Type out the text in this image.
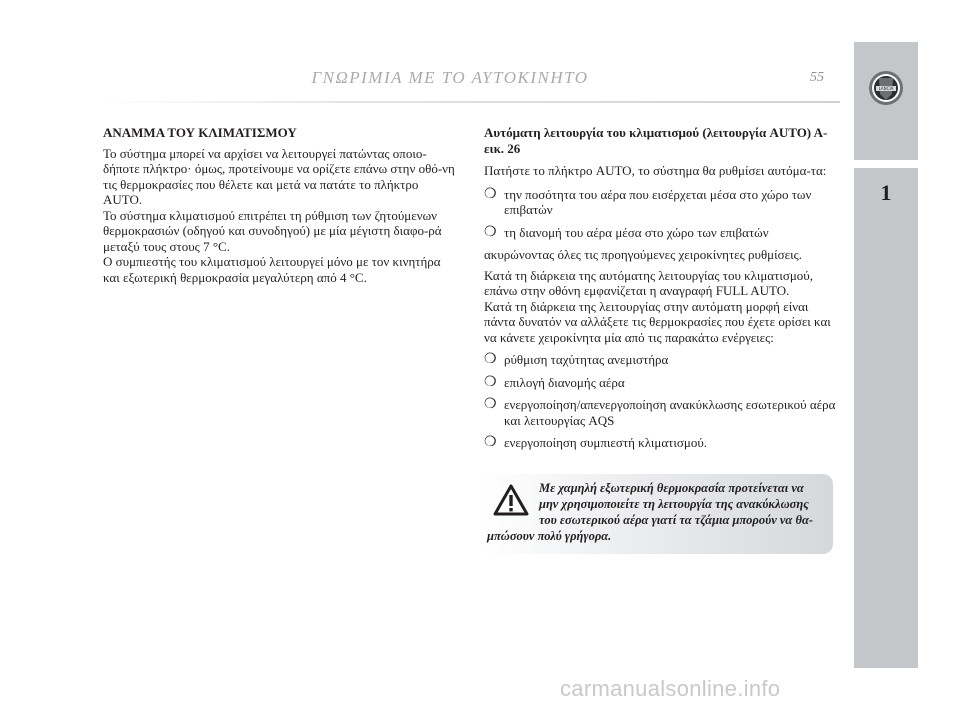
ΓΝΩΡΙΜΙΑ ΜΕ ΤΟ ΑΥΤΟΚΙΝΗΤΟ	55
LANCIA
1
ΑΝΑΜΜΑ ΤΟΥ ΚΛΙΜΑΤΙΣΜΟΥ

Το σύστημα μπορεί να αρχίσει να λειτουργεί πατώντας οποιο-δήποτε πλήκτρο· όμως, προτείνουμε να ορίζετε επάνω στην οθό-νη τις θερμοκρασίες που θέλετε και μετά να πατάτε το πλήκτρο AUTO.

Το σύστημα κλιματισμού επιτρέπει τη ρύθμιση των ζητούμενων θερμοκρασιών (οδηγού και συνοδηγού) με μία μέγιστη διαφο-ρά μεταξύ τους στους 7 °C.

Ο συμπιεστής του κλιματισμού λειτουργεί μόνο με τον κινητήρα και εξωτερική θερμοκρασία μεγαλύτερη από 4 °C.

Αυτόματη λειτουργία του κλιματισμού (λειτουργία AUTO) Α-εικ. 26

Πατήστε το πλήκτρο AUTO, το σύστημα θα ρυθμίσει αυτόμα-τα:

❍ την ποσότητα του αέρα που εισέρχεται μέσα στο χώρο των επιβατών
❍ τη διανομή του αέρα μέσα στο χώρο των επιβατών

ακυρώνοντας όλες τις προηγούμενες χειροκίνητες ρυθμίσεις.

Κατά τη διάρκεια της αυτόματης λειτουργίας του κλιματισμού, επάνω στην οθόνη εμφανίζεται η αναγραφή FULL AUTO.

Κατά τη διάρκεια της λειτουργίας στην αυτόματη μορφή είναι πάντα δυνατόν να αλλάξετε τις θερμοκρασίες που έχετε ορίσει και να κάνετε χειροκίνητα μία από τις παρακάτω ενέργειες:

❍ ρύθμιση ταχύτητας ανεμιστήρα
❍ επιλογή διανομής αέρα
❍ ενεργοποίηση/απενεργοποίηση ανακύκλωσης εσωτερικού αέρα και λειτουργίας AQS
❍ ενεργοποίηση συμπιεστή κλιματισμού.
Με χαμηλή εξωτερική θερμοκρασία προτείνεται να
μην χρησιμοποιείτε τη λειτουργία της ανακύκλωσης
του εσωτερικού αέρα γιατί τα τζάμια μπορούν να θα-
μπώσουν πολύ γρήγορα.
carmanualsonline.info
